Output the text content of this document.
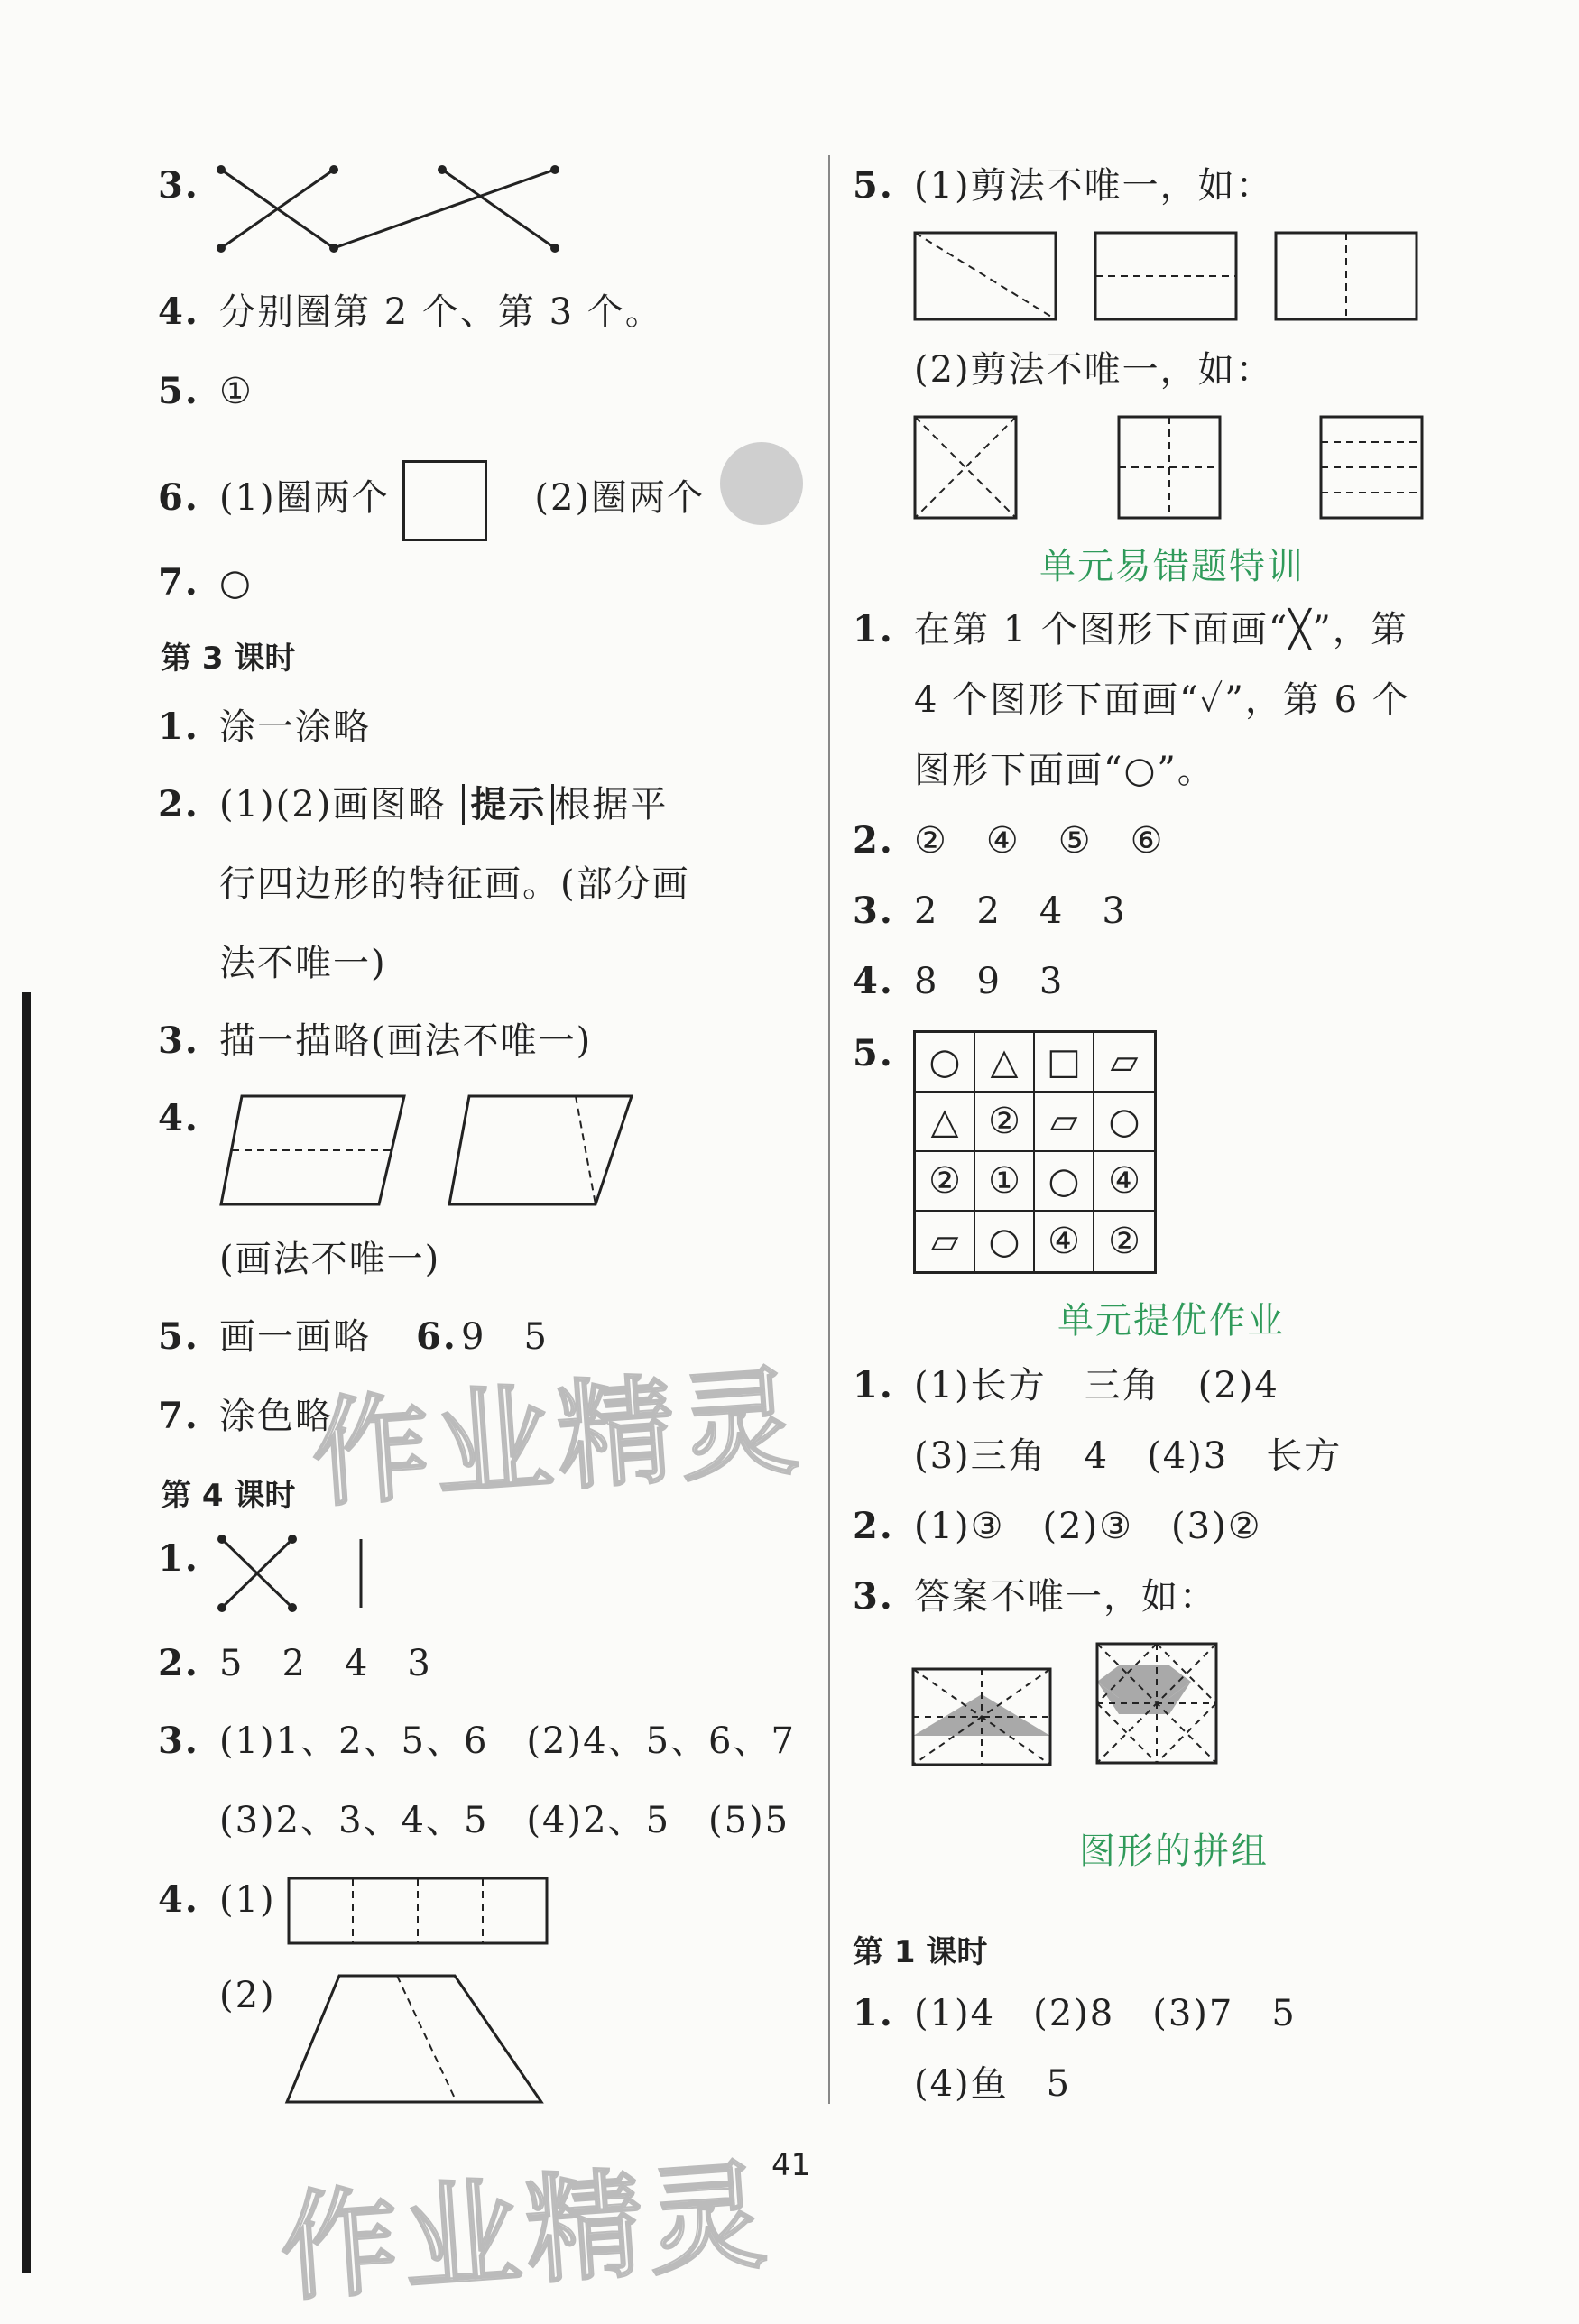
3.
4. 分别圈第 2 个、第 3 个。
5. ①
6. (1)圈两个	(2)圈两个
7. ○
第 3 课时
1. 涂一涂略
2. (1)(2)画图略 提示 根据平
行四边形的特征画。(部分画
法不唯一)
3. 描一描略(画法不唯一)
4.
(画法不唯一)
5. 画一画略 6. 9　5
7. 涂色略
第 4 课时
1.
2. 5　2　4　3
3. (1)1、2、5、6　(2)4、5、6、7
(3)2、3、4、5　(4)2、5　(5)5
4. (1)
(2)
5. (1)剪法不唯一，如：
(2)剪法不唯一，如：
单元易错题特训
1. 在第 1 个图形下面画“╳”，第
4 个图形下面画“✓”，第 6 个
图形下面画“○”。
2. ②　④　⑤　⑥
3. 2　2　4　3
4. 8　9　3
5. ○ △ □ ▱
△ ② ▱ ○
② ① ○ ④
▱ ○ ④ ②
单元提优作业
1. (1)长方　三角　(2)4
(3)三角　4　(4)3　长方
2. (1)③　(2)③　(3)②
3. 答案不唯一，如：
图形的拼组
第 1 课时
1. (1)4　(2)8　(3)7　5
(4)鱼　5
作业精灵
作业精灵
41
